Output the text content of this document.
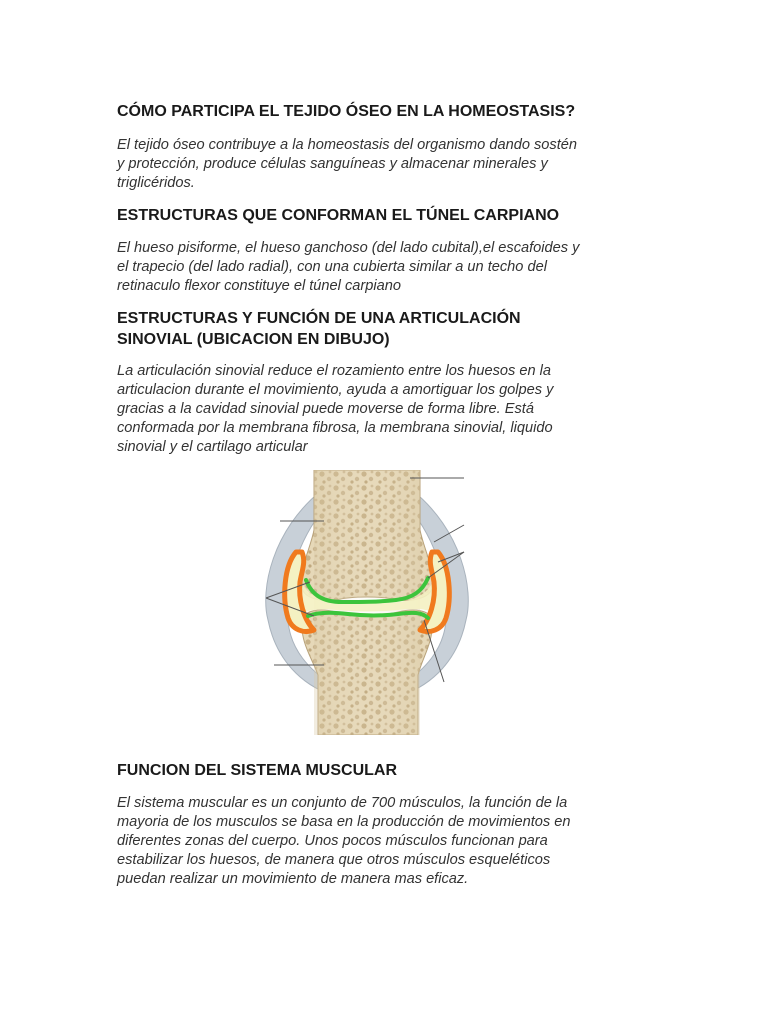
CÓMO PARTICIPA EL TEJIDO ÓSEO EN LA HOMEOSTASIS?

El tejido óseo contribuye a la homeostasis del organismo dando sostén
y protección, produce células sanguíneas y almacenar minerales y
triglicéridos.

ESTRUCTURAS QUE CONFORMAN EL TÚNEL CARPIANO

El hueso pisiforme, el hueso ganchoso (del lado cubital),el escafoides y
el trapecio (del lado radial), con una cubierta similar a un techo del
retinaculo flexor constituye el túnel carpiano

ESTRUCTURAS Y FUNCIÓN DE UNA ARTICULACIÓN
SINOVIAL (UBICACION EN DIBUJO)

La articulación sinovial reduce el rozamiento entre los huesos en la
articulacion durante el movimiento, ayuda a amortiguar los golpes y
gracias a la cavidad sinovial puede moverse de forma libre. Está
conformada por la membrana fibrosa, la membrana sinovial, liquido
sinovial y el cartilago articular

FUNCION DEL SISTEMA MUSCULAR

El sistema muscular es un conjunto de 700 músculos, la función de la
mayoria de los musculos se basa en la producción de movimientos en
diferentes zonas del cuerpo. Unos pocos músculos funcionan para
estabilizar los huesos, de manera que otros músculos esqueléticos
puedan realizar un movimiento de manera mas eficaz.
